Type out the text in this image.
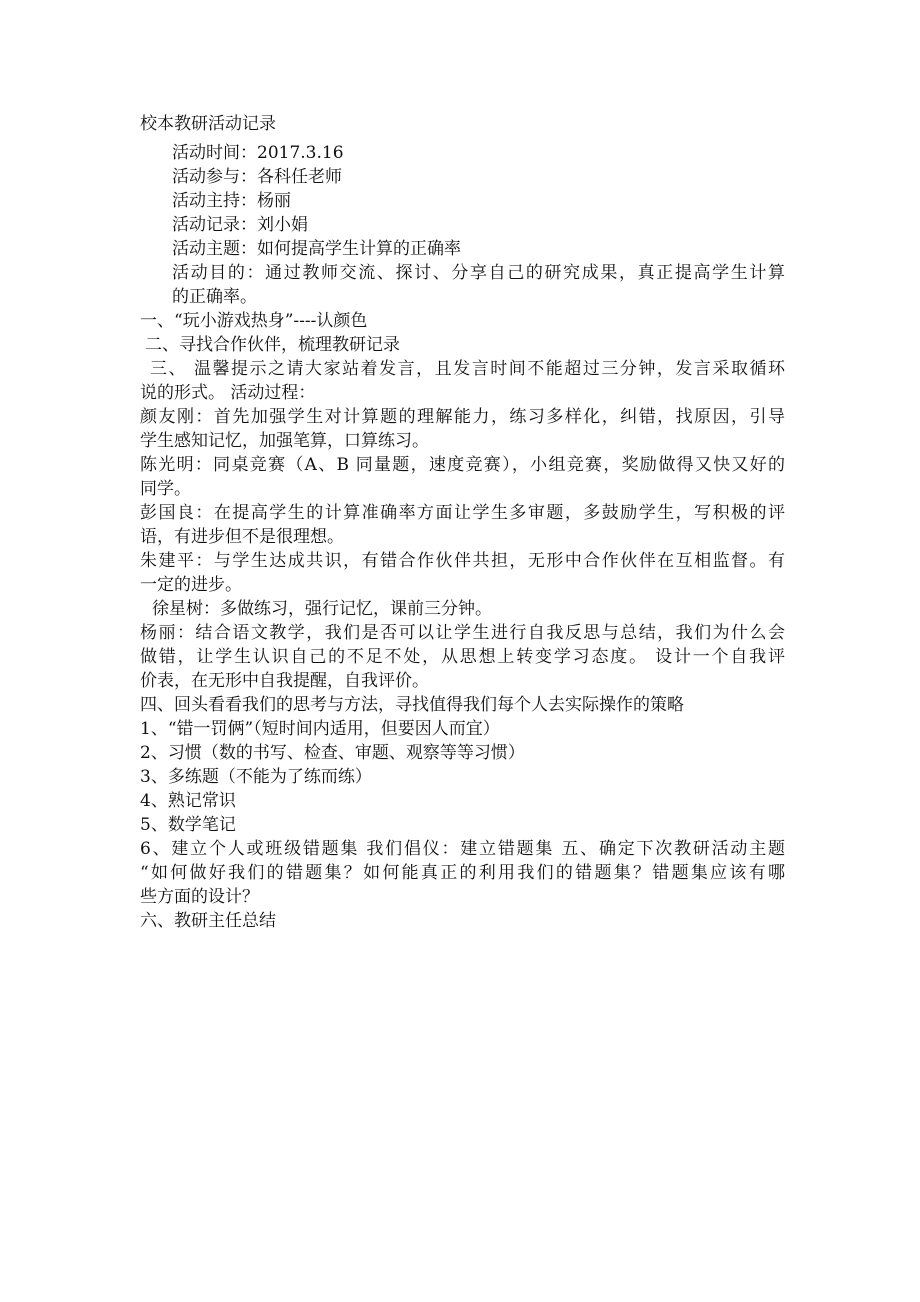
校本教研活动记录
活动时间：2017.3.16
活动参与：各科任老师
活动主持：杨丽
活动记录：刘小娟
活动主题：如何提高学生计算的正确率
活动目的：通过教师交流、探讨、分享自己的研究成果，真正提高学生计算
的正确率。
一、“玩小游戏热身”----认颜色
二、寻找合作伙伴，梳理教研记录
三、 温馨提示之请大家站着发言，且发言时间不能超过三分钟，发言采取循环
说的形式。 活动过程：
颜友刚：首先加强学生对计算题的理解能力，练习多样化，纠错，找原因，引导
学生感知记忆，加强笔算，口算练习。
陈光明：同桌竞赛（A、B 同量题，速度竞赛），小组竞赛，奖励做得又快又好的
同学。
彭国良：在提高学生的计算准确率方面让学生多审题，多鼓励学生，写积极的评
语，有进步但不是很理想。
朱建平：与学生达成共识，有错合作伙伴共担，无形中合作伙伴在互相监督。有
一定的进步。
徐星树：多做练习，强行记忆，课前三分钟。
杨丽：结合语文教学，我们是否可以让学生进行自我反思与总结，我们为什么会
做错，让学生认识自己的不足不处，从思想上转变学习态度。 设计一个自我评
价表，在无形中自我提醒，自我评价。
四、回头看看我们的思考与方法，寻找值得我们每个人去实际操作的策略
1、“错一罚俩”（短时间内适用，但要因人而宜）
2、习惯（数的书写、检查、审题、观察等等习惯）
3、多练题（不能为了练而练）
4、熟记常识
5、数学笔记
6、建立个人或班级错题集 我们倡仪：建立错题集 五、确定下次教研活动主题
“如何做好我们的错题集？如何能真正的利用我们的错题集？错题集应该有哪
些方面的设计？
六、教研主任总结
